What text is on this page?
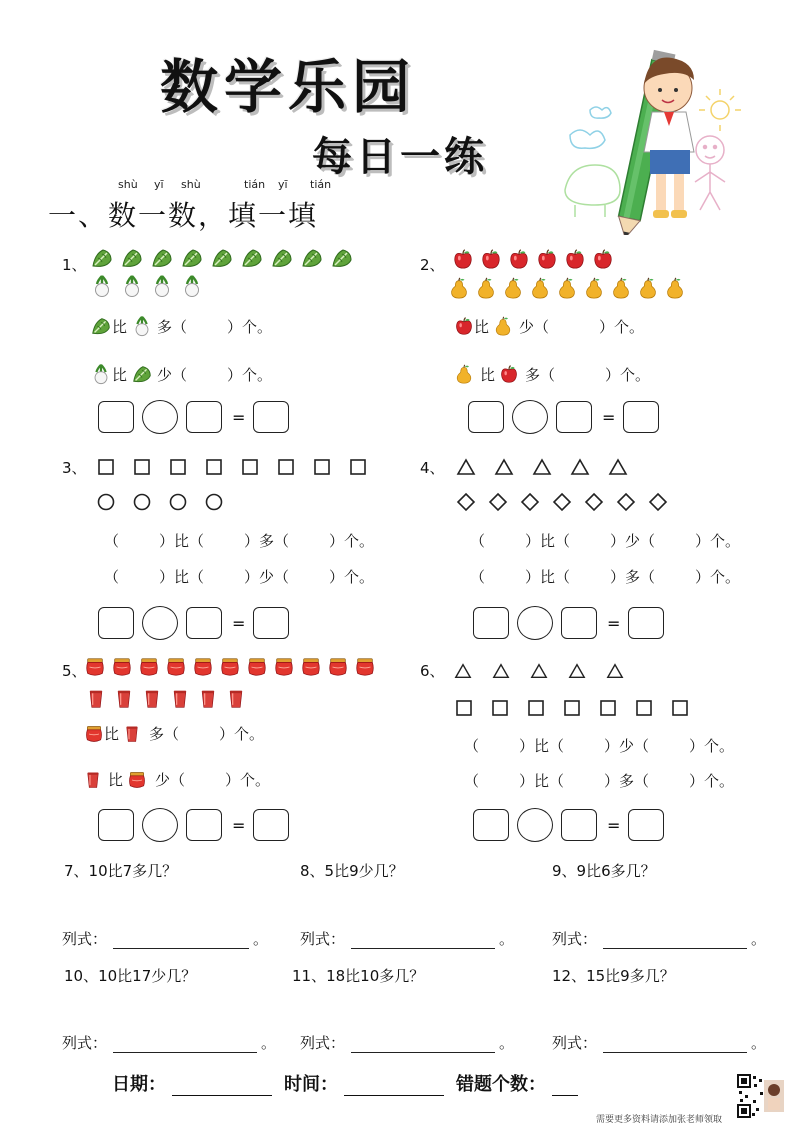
数学乐园
每日一练
shù yī shù	tián yī tián
一、数一数，填一填
1、
比 多（	）个。
比 少（	）个。
=
2、
比 少（	）个。
比 多（	）个。
=
3、
（	）比（	）多（	）个。
（	）比（	）少（	）个。
=
4、
（	）比（	）少（	）个。
（	）比（	）多（	）个。
=
5、
比 多（	）个。
比 少（	）个。
=
6、
（	）比（	）少（	）个。
（	）比（	）多（	）个。
=
7、10比7多几？	8、5比9少几？	9、9比6多几？
列式：	。 列式：	。	列式：	。
10、10比17少几？	11、18比10多几？	12、15比9多几？
列式：	。 列式：	。	列式：	。
日期：	时间：	错题个数：
需要更多资料请添加张老师领取
